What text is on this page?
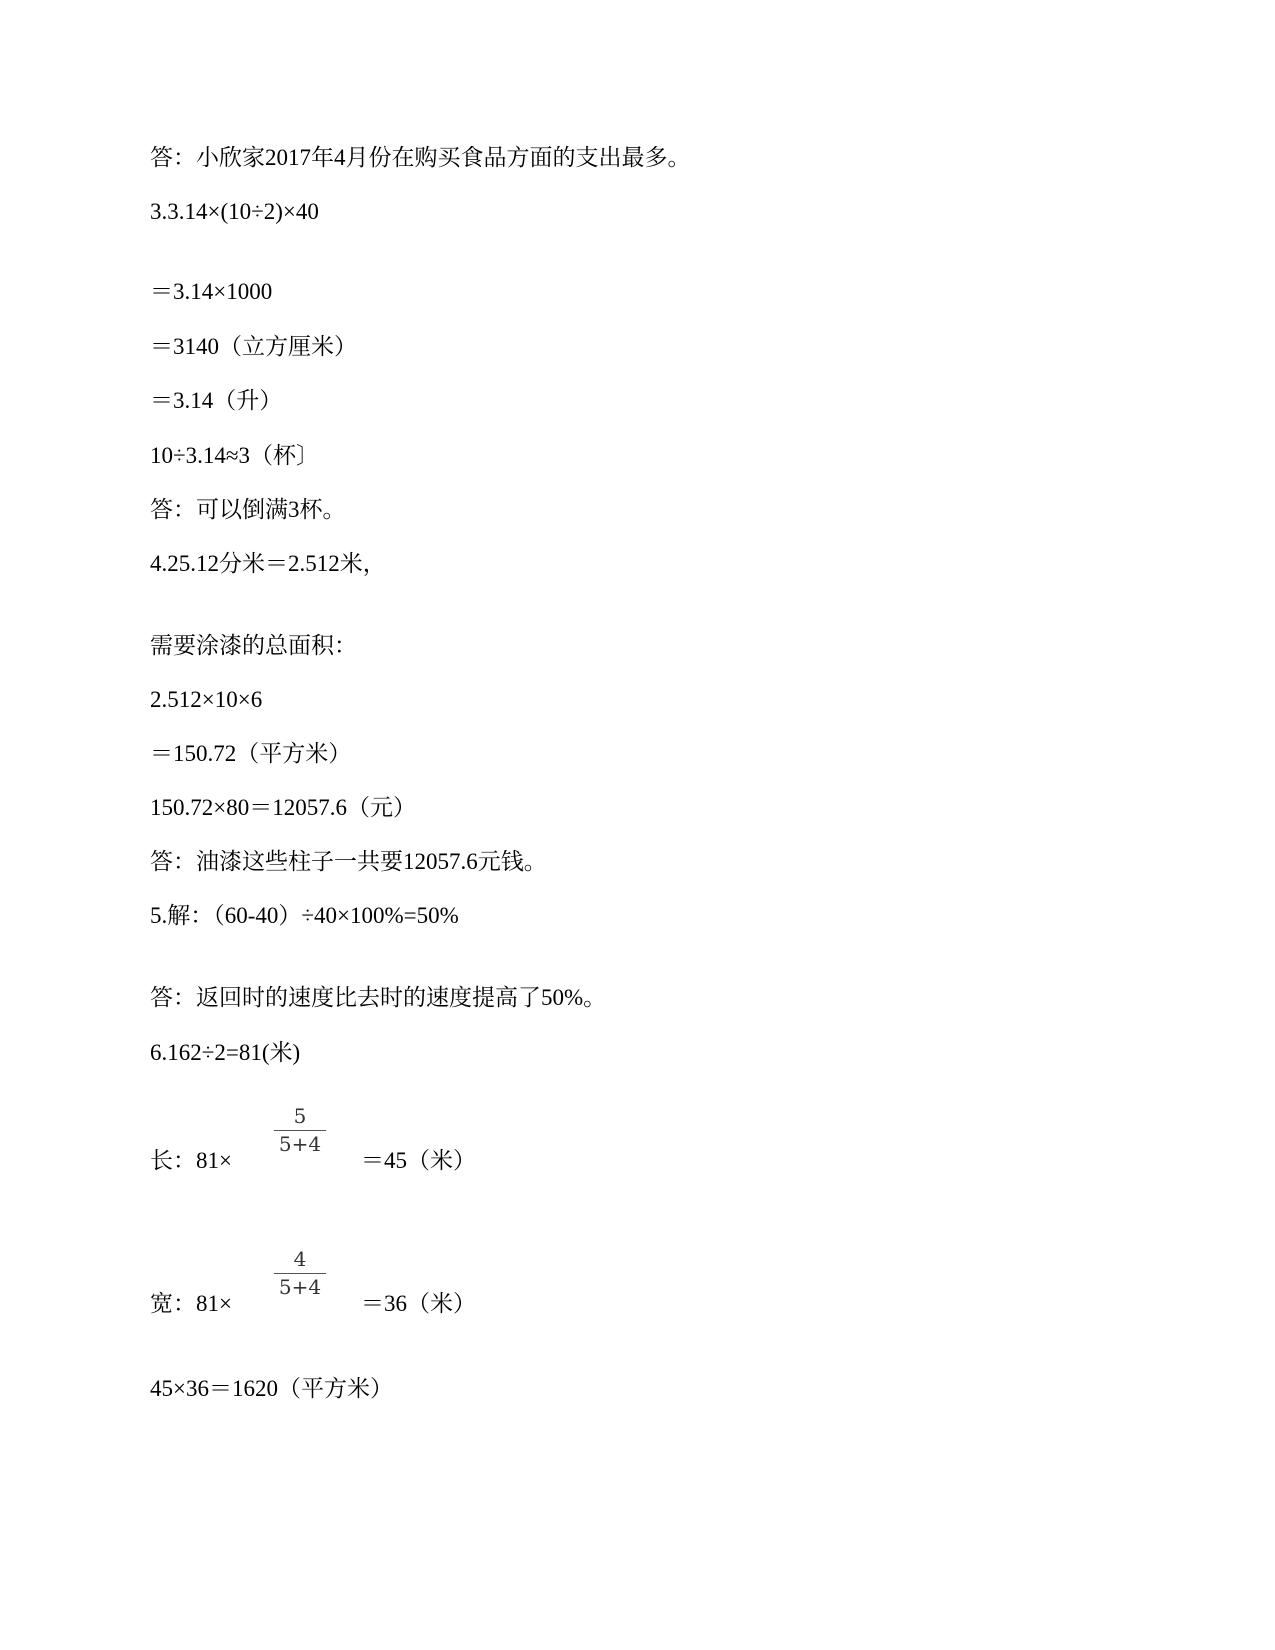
答：小欣家2017年4月份在购买食品方面的支出最多。
3.3.14×(10÷2)×40
＝3.14×1000
＝3140（立方厘米）
＝3.14（升）
10÷3.14≈3（杯〕
答：可以倒满3杯。
4.25.12分米＝2.512米，
需要涂漆的总面积：
2.512×10×6
＝150.72（平方米）
150.72×80＝12057.6（元）
答：油漆这些柱子一共要12057.6元钱。
5.解：（60-40）÷40×100%=50%
答：返回时的速度比去时的速度提高了50%。
6.162÷2=81(米)
长：81×
5
5+4
＝45（米）
宽：81×
4
5+4
＝36（米）
45×36＝1620（平方米）
